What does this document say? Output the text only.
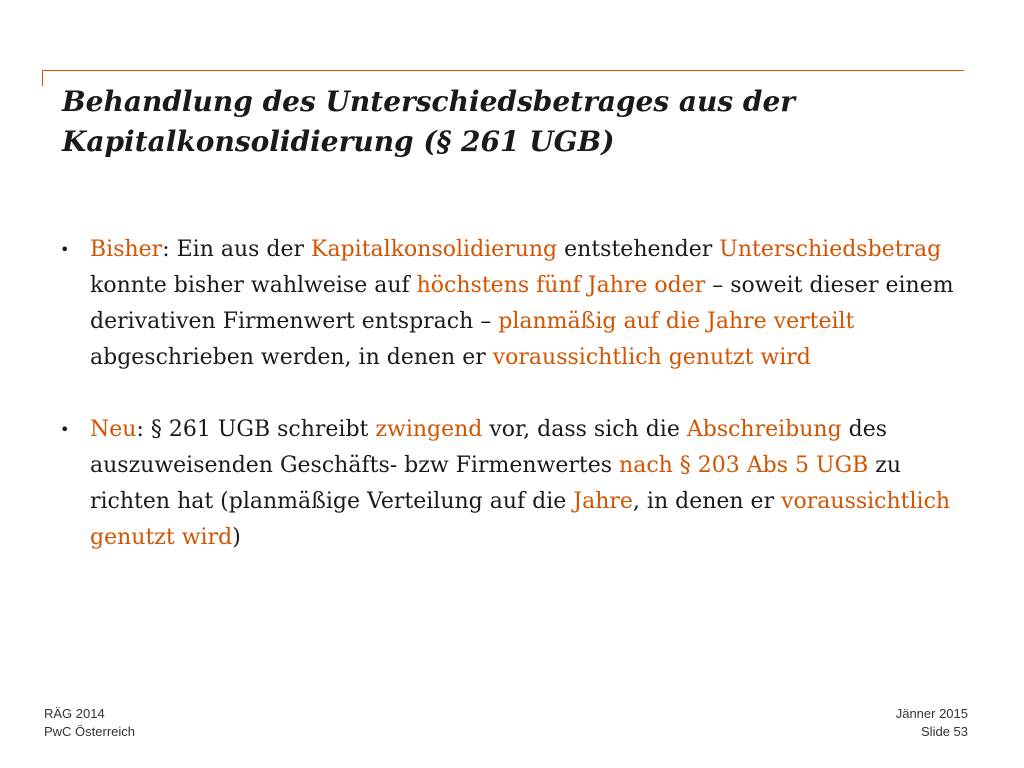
Behandlung des Unterschiedsbetrages aus der
Kapitalkonsolidierung (§ 261 UGB)
• Bisher: Ein aus der Kapitalkonsolidierung entstehender Unterschiedsbetrag konnte bisher wahlweise auf höchstens fünf Jahre oder – soweit dieser einem derivativen Firmenwert entsprach – planmäßig auf die Jahre verteilt abgeschrieben werden, in denen er voraussichtlich genutzt wird
• Neu: § 261 UGB schreibt zwingend vor, dass sich die Abschreibung des auszuweisenden Geschäfts- bzw Firmenwertes nach § 203 Abs 5 UGB zu richten hat (planmäßige Verteilung auf die Jahre, in denen er voraussichtlich genutzt wird)
RÄG 2014
PwC Österreich
Jänner 2015
Slide 53
